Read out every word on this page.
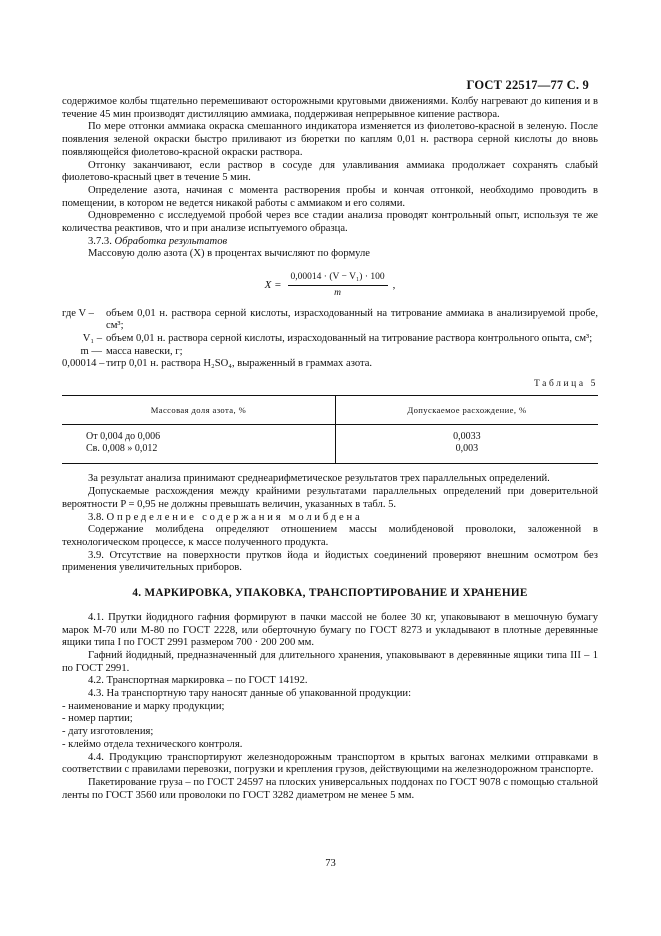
ГОСТ 22517—77 С. 9

содержимое колбы тщательно перемешивают осторожными круговыми движениями. Колбу нагревают до кипения и в течение 45 мин производят дистилляцию аммиака, поддерживая непрерывное кипение раствора.

По мере отгонки аммиака окраска смешанного индикатора изменяется из фиолетово-красной в зеленую. После появления зеленой окраски быстро приливают из бюретки по каплям 0,01 н. раствора серной кислоты до вновь появляющейся фиолетово-красной окраски раствора.

Отгонку заканчивают, если раствор в сосуде для улавливания аммиака продолжает сохранять слабый фиолетово-красный цвет в течение 5 мин.

Определение азота, начиная с момента растворения пробы и кончая отгонкой, необходимо проводить в помещении, в котором не ведется никакой работы с аммиаком и его солями.

Одновременно с исследуемой пробой через все стадии анализа проводят контрольный опыт, используя те же количества реактивов, что и при анализе испытуемого образца.

3.7.3. Обработка результатов

Массовую долю азота (X) в процентах вычисляют по формуле

$X = \frac{\text{0,00014 · (V − V₁) · 100}}{m}$ ,
где V –	объем 0,01 н. раствора серной кислоты, израсходованный на титрование аммиака в анализируемой пробе, см³;
V₁ – объем 0,01 н. раствора серной кислоты, израсходованный на титрование раствора контрольного опыта, см³;
m — масса навески, г;
0,00014 – титр 0,01 н. раствора H₂SO₄, выраженный в граммах азота.
Таблица 5
Массовая доля азота, %	Допускаемое расхождение, %
От 0,004 до 0,006	0,0033
Св. 0,008 » 0,012	0,003

За результат анализа принимают среднеарифметическое результатов трех параллельных определений.

Допускаемые расхождения между крайними результатами параллельных определений при доверительной вероятности P = 0,95 не должны превышать величин, указанных в табл. 5.

3.8. Определение содержания молибдена

Содержание молибдена определяют отношением массы молибденовой проволоки, заложенной в технологическом процессе, к массе полученного продукта.

3.9. Отсутствие на поверхности прутков йода и йодистых соединений проверяют внешним осмотром без применения увеличительных приборов.

4. МАРКИРОВКА, УПАКОВКА, ТРАНСПОРТИРОВАНИЕ И ХРАНЕНИЕ

4.1. Прутки йодидного гафния формируют в пачки массой не более 30 кг, упаковывают в мешочную бумагу марок М-70 или М-80 по ГОСТ 2228, или оберточную бумагу по ГОСТ 8273 и укладывают в плотные деревянные ящики типа I по ГОСТ 2991 размером 700 · 200 200 мм.

Гафний йодидный, предназначенный для длительного хранения, упаковывают в деревянные ящики типа III – 1 по ГОСТ 2991.

4.2. Транспортная маркировка – по ГОСТ 14192.

4.3. На транспортную тару наносят данные об упакованной продукции:

- наименование и марку продукции;

- номер партии;

- дату изготовления;

- клеймо отдела технического контроля.

4.4. Продукцию транспортируют железнодорожным транспортом в крытых вагонах мелкими отправками в соответствии с правилами перевозки, погрузки и крепления грузов, действующими на железнодорожном транспорте.

Пакетирование груза – по ГОСТ 24597 на плоских универсальных поддонах по ГОСТ 9078 с помощью стальной ленты по ГОСТ 3560 или проволоки по ГОСТ 3282 диаметром не менее 5 мм.

73
